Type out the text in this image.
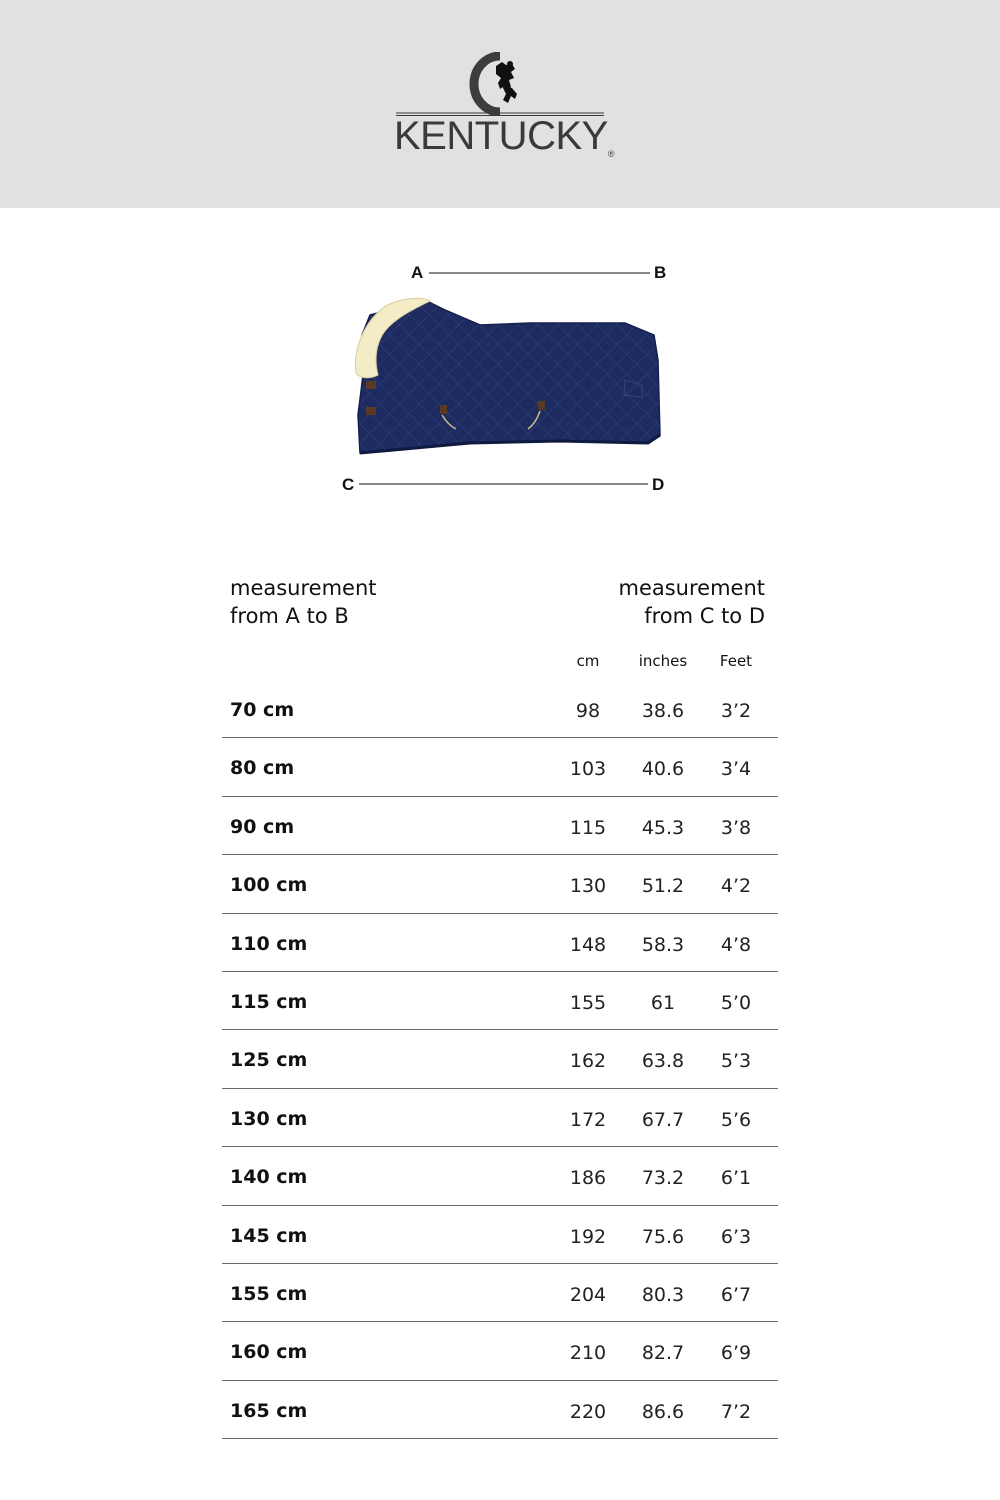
KENTUCKY®
A	B
C	D
measurement
from A to B
measurement
from C to D
cm	inches	Feet
70 cm	98	38.6	3’2
80 cm	103	40.6	3’4
90 cm	115	45.3	3’8
100 cm	130	51.2	4’2
110 cm	148	58.3	4’8
115 cm	155	61	5’0
125 cm	162	63.8	5’3
130 cm	172	67.7	5’6
140 cm	186	73.2	6’1
145 cm	192	75.6	6’3
155 cm	204	80.3	6’7
160 cm	210	82.7	6’9
165 cm	220	86.6	7’2
